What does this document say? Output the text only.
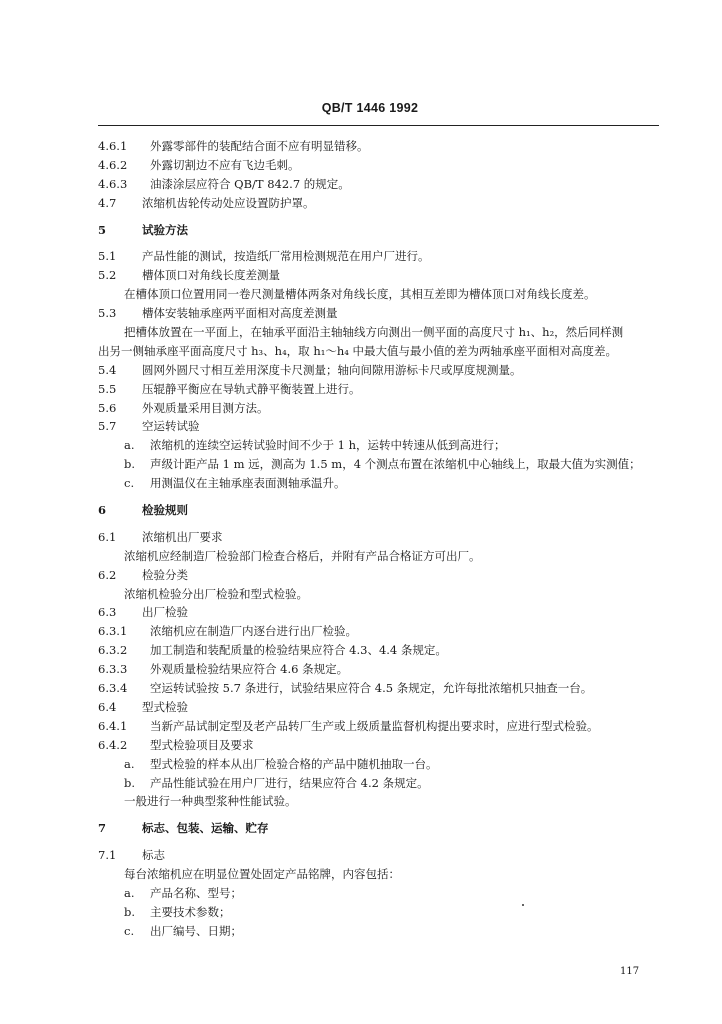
QB/T 1446 1992
4.6.1 外露零部件的装配结合面不应有明显错移。
4.6.2 外露切割边不应有飞边毛刺。
4.6.3 油漆涂层应符合 QB/T 842.7 的规定。
4.7 浓缩机齿轮传动处应设置防护罩。
5	试验方法
5.1 产品性能的测试，按造纸厂常用检测规范在用户厂进行。
5.2 槽体顶口对角线长度差测量
在槽体顶口位置用同一卷尺测量槽体两条对角线长度，其相互差即为槽体顶口对角线长度差。
5.3 槽体安装轴承座两平面相对高度差测量
把槽体放置在一平面上，在轴承平面沿主轴轴线方向测出一侧平面的高度尺寸 h₁、h₂，然后同样测
出另一侧轴承座平面高度尺寸 h₃、h₄，取 h₁～h₄ 中最大值与最小值的差为两轴承座平面相对高度差。
5.4 圆网外圆尺寸相互差用深度卡尺测量；轴向间隙用游标卡尺或厚度规测量。
5.5 压辊静平衡应在导轨式静平衡装置上进行。
5.6 外观质量采用目测方法。
5.7 空运转试验
a. 浓缩机的连续空运转试验时间不少于 1 h，运转中转速从低到高进行；
b. 声级计距产品 1 m 远，测高为 1.5 m，4 个测点布置在浓缩机中心轴线上，取最大值为实测值；
c. 用测温仪在主轴承座表面测轴承温升。
6	检验规则
6.1 浓缩机出厂要求
浓缩机应经制造厂检验部门检查合格后，并附有产品合格证方可出厂。
6.2 检验分类
浓缩机检验分出厂检验和型式检验。
6.3 出厂检验
6.3.1 浓缩机应在制造厂内逐台进行出厂检验。
6.3.2 加工制造和装配质量的检验结果应符合 4.3、4.4 条规定。
6.3.3 外观质量检验结果应符合 4.6 条规定。
6.3.4 空运转试验按 5.7 条进行，试验结果应符合 4.5 条规定，允许每批浓缩机只抽查一台。
6.4 型式检验
6.4.1 当新产品试制定型及老产品转厂生产或上级质量监督机构提出要求时，应进行型式检验。
6.4.2 型式检验项目及要求
a. 型式检验的样本从出厂检验合格的产品中随机抽取一台。
b. 产品性能试验在用户厂进行，结果应符合 4.2 条规定。
一般进行一种典型浆种性能试验。
7	标志、包装、运输、贮存
7.1 标志
每台浓缩机应在明显位置处固定产品铭牌，内容包括：
a. 产品名称、型号；
b. 主要技术参数；
c. 出厂编号、日期；
117
